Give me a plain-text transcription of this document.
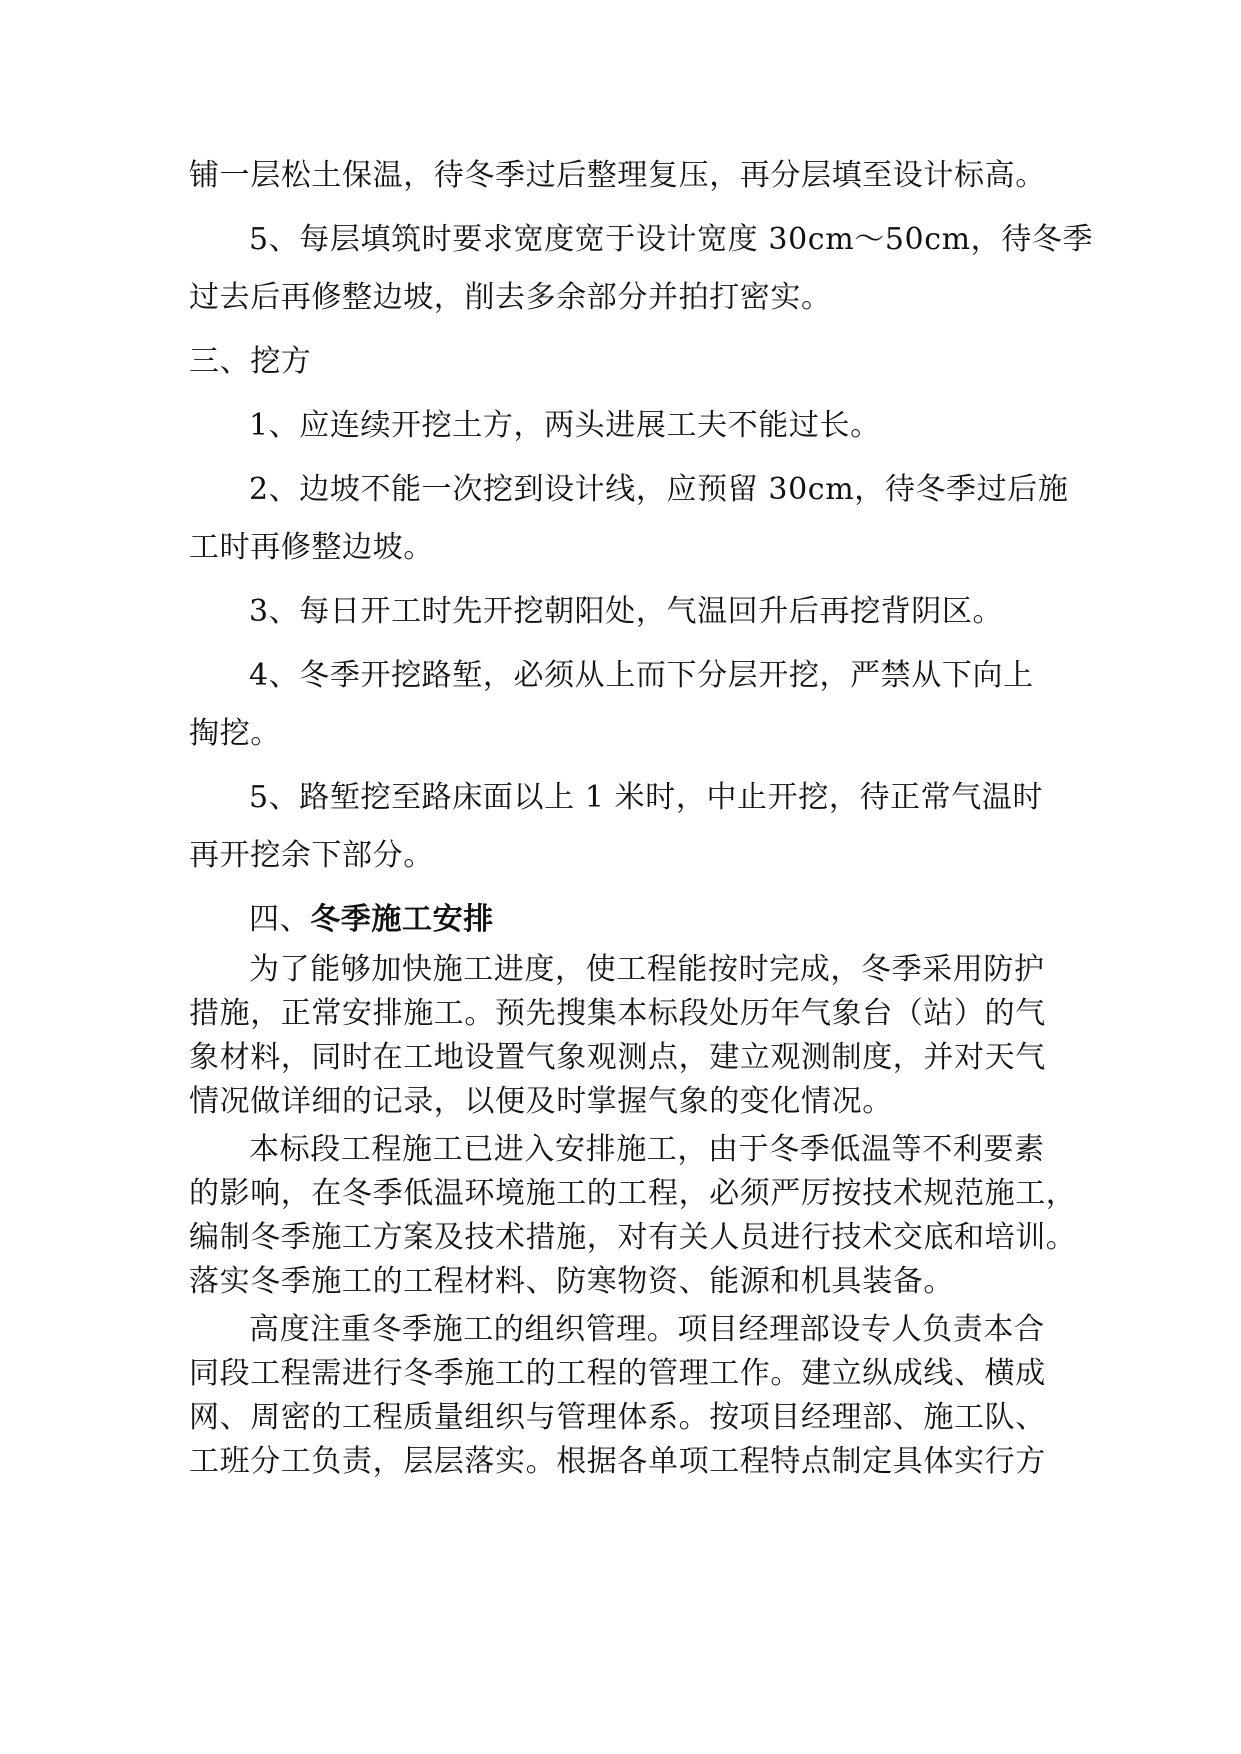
铺一层松土保温，待冬季过后整理复压，再分层填至设计标高。

5、每层填筑时要求宽度宽于设计宽度 30cm～50cm，待冬季

过去后再修整边坡，削去多余部分并拍打密实。

三、挖方

1、应连续开挖土方，两头进展工夫不能过长。

2、边坡不能一次挖到设计线，应预留 30cm，待冬季过后施

工时再修整边坡。

3、每日开工时先开挖朝阳处，气温回升后再挖背阴区。

4、冬季开挖路堑，必须从上而下分层开挖，严禁从下向上

掏挖。

5、路堑挖至路床面以上 1 米时，中止开挖，待正常气温时

再开挖余下部分。

四、冬季施工安排

为了能够加快施工进度，使工程能按时完成，冬季采用防护

措施，正常安排施工。预先搜集本标段处历年气象台（站）的气

象材料，同时在工地设置气象观测点，建立观测制度，并对天气

情况做详细的记录，以便及时掌握气象的变化情况。

本标段工程施工已进入安排施工，由于冬季低温等不利要素

的影响，在冬季低温环境施工的工程，必须严厉按技术规范施工，

编制冬季施工方案及技术措施，对有关人员进行技术交底和培训。

落实冬季施工的工程材料、防寒物资、能源和机具装备。

高度注重冬季施工的组织管理。项目经理部设专人负责本合

同段工程需进行冬季施工的工程的管理工作。建立纵成线、横成

网、周密的工程质量组织与管理体系。按项目经理部、施工队、

工班分工负责，层层落实。根据各单项工程特点制定具体实行方
